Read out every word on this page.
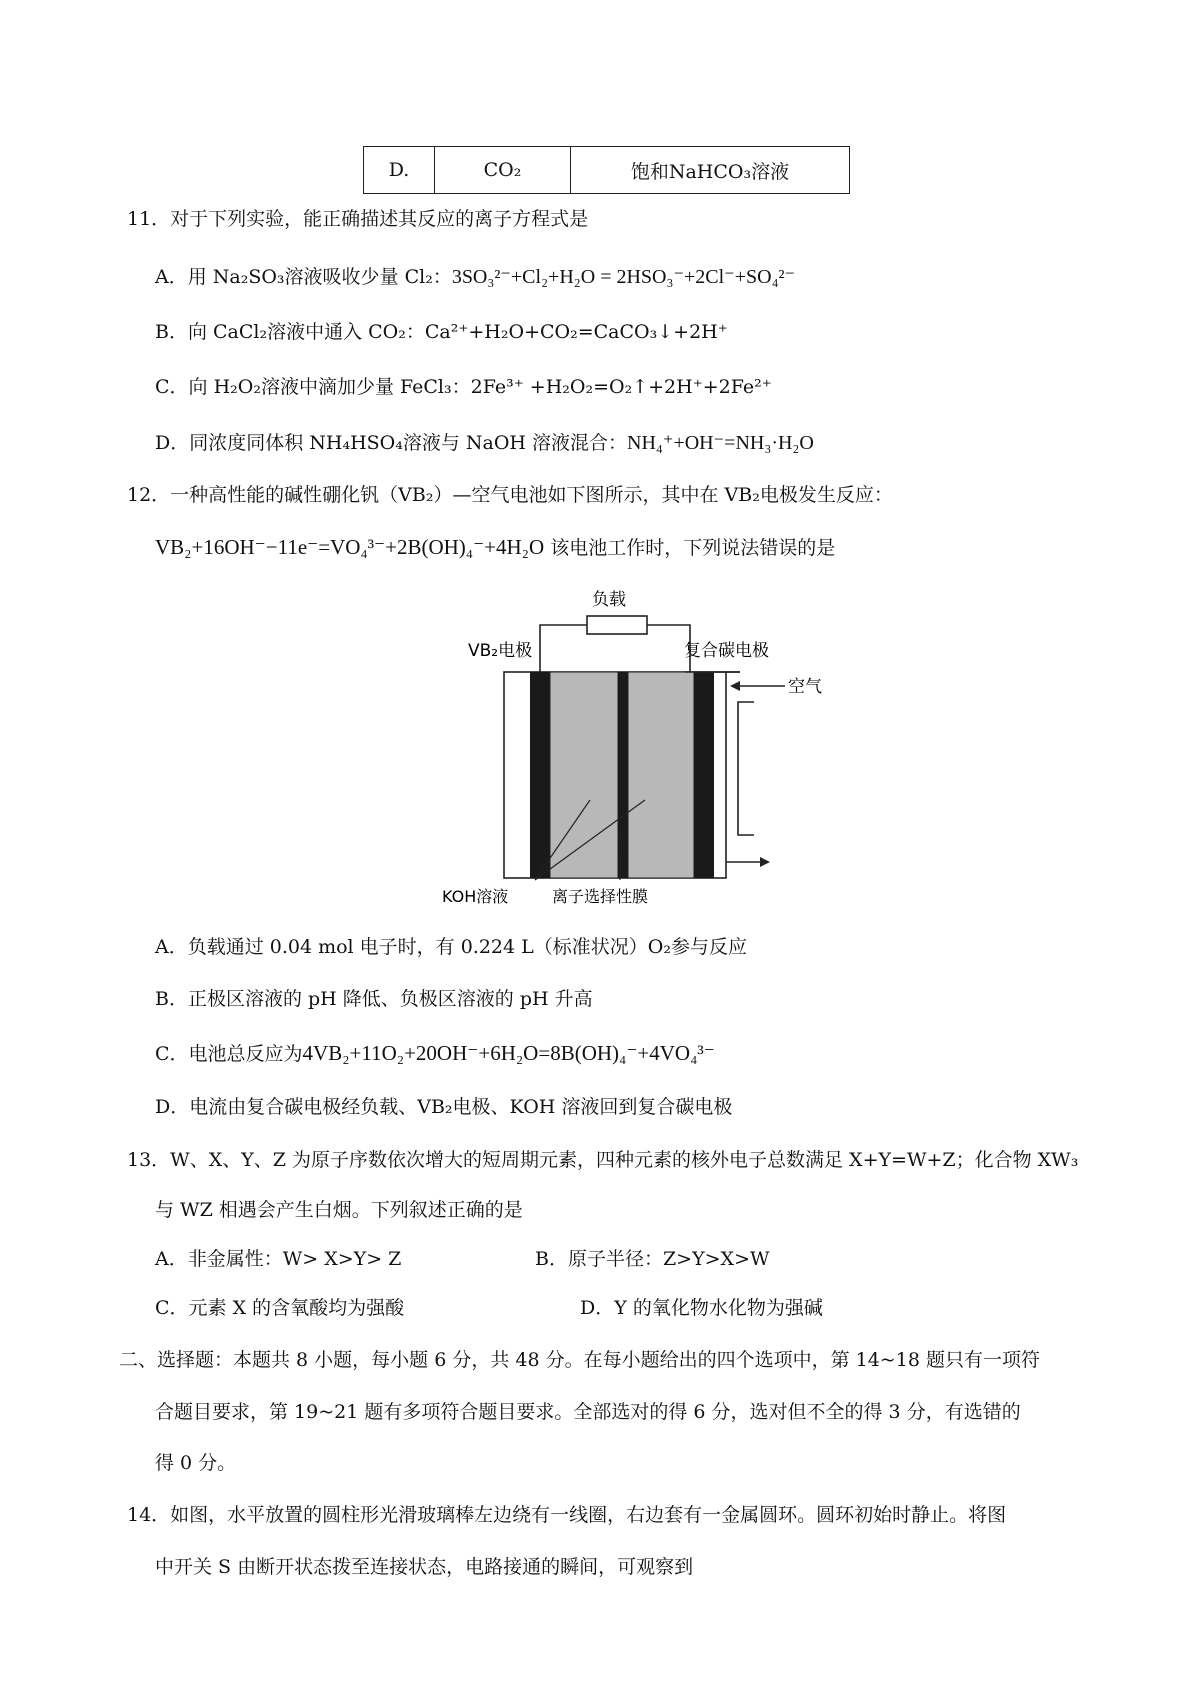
D.	CO₂	饱和NaHCO₃溶液
11．对于下列实验，能正确描述其反应的离子方程式是
A．用 Na₂SO₃溶液吸收少量 Cl₂：3SO₃²⁻+Cl₂+H₂O = 2HSO₃⁻+2Cl⁻+SO₄²⁻
B．向 CaCl₂溶液中通入 CO₂：Ca²⁺+H₂O+CO₂=CaCO₃↓+2H⁺
C．向 H₂O₂溶液中滴加少量 FeCl₃：2Fe³⁺ +H₂O₂=O₂↑+2H⁺+2Fe²⁺
D．同浓度同体积 NH₄HSO₄溶液与 NaOH 溶液混合：NH₄⁺+OH⁻=NH₃·H₂O
12．一种高性能的碱性硼化钒（VB₂）—空气电池如下图所示，其中在 VB₂电极发生反应：
VB₂+16OH⁻−11e⁻=VO₄³⁻+2B(OH)₄⁻+4H₂O 该电池工作时，下列说法错误的是
负载
VB₂电极	复合碳电极
空气
KOH溶液	离子选择性膜
A．负载通过 0.04 mol 电子时，有 0.224 L（标准状况）O₂参与反应
B．正极区溶液的 pH 降低、负极区溶液的 pH 升高
C．电池总反应为4VB₂+11O₂+20OH⁻+6H₂O=8B(OH)₄⁻+4VO₄³⁻
D．电流由复合碳电极经负载、VB₂电极、KOH 溶液回到复合碳电极
13．W、X、Y、Z 为原子序数依次增大的短周期元素，四种元素的核外电子总数满足 X+Y=W+Z；化合物 XW₃
与 WZ 相遇会产生白烟。下列叙述正确的是
A．非金属性：W> X>Y> Z	B．原子半径：Z>Y>X>W
C．元素 X 的含氧酸均为强酸	D．Y 的氧化物水化物为强碱
二、选择题：本题共 8 小题，每小题 6 分，共 48 分。在每小题给出的四个选项中，第 14~18 题只有一项符
合题目要求，第 19~21 题有多项符合题目要求。全部选对的得 6 分，选对但不全的得 3 分，有选错的
得 0 分。
14．如图，水平放置的圆柱形光滑玻璃棒左边绕有一线圈，右边套有一金属圆环。圆环初始时静止。将图
中开关 S 由断开状态拨至连接状态，电路接通的瞬间，可观察到
